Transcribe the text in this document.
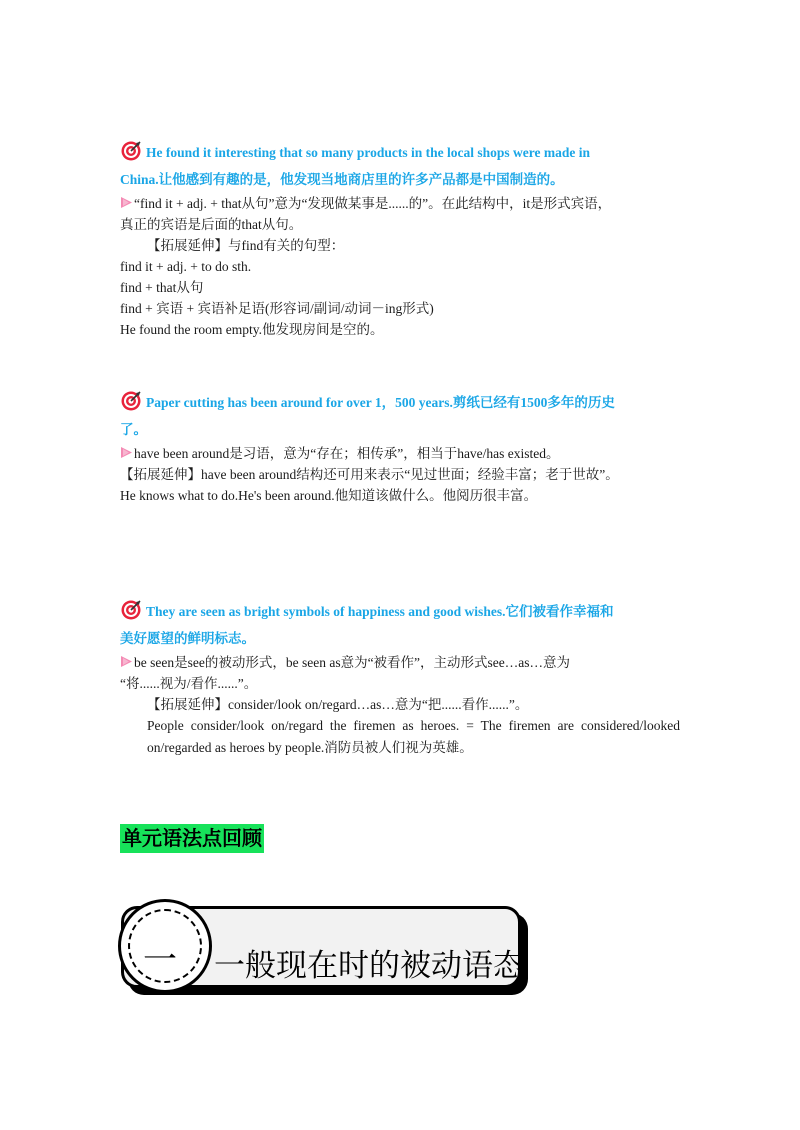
He found it interesting that so many products in the local shops were made in
China.让他感到有趣的是，他发现当地商店里的许多产品都是中国制造的。
“find it + adj. + that从句”意为“发现做某事是......的”。在此结构中，it是形式宾语，
真正的宾语是后面的that从句。
【拓展延伸】与find有关的句型：
find it + adj. + to do sth.
find + that从句
find + 宾语 + 宾语补足语(形容词/副词/动词－ing形式)
He found the room empty.他发现房间是空的。
Paper cutting has been around for over 1，500 years.剪纸已经有1500多年的历史
了。
have been around是习语，意为“存在；相传承”，相当于have/has existed。
【拓展延伸】have been around结构还可用来表示“见过世面；经验丰富；老于世故”。
He knows what to do.He's been around.他知道该做什么。他阅历很丰富。
They are seen as bright symbols of happiness and good wishes.它们被看作幸福和
美好愿望的鲜明标志。
be seen是see的被动形式，be seen as意为“被看作”，主动形式see…as…意为
“将......视为/看作......”。
【拓展延伸】consider/look on/regard…as…意为“把......看作......”。
People consider/look on/regard the firemen as heroes. = The firemen are considered/looked on/regarded as heroes by people.消防员被人们视为英雄。
单元语法点回顾
一 一般现在时的被动语态
